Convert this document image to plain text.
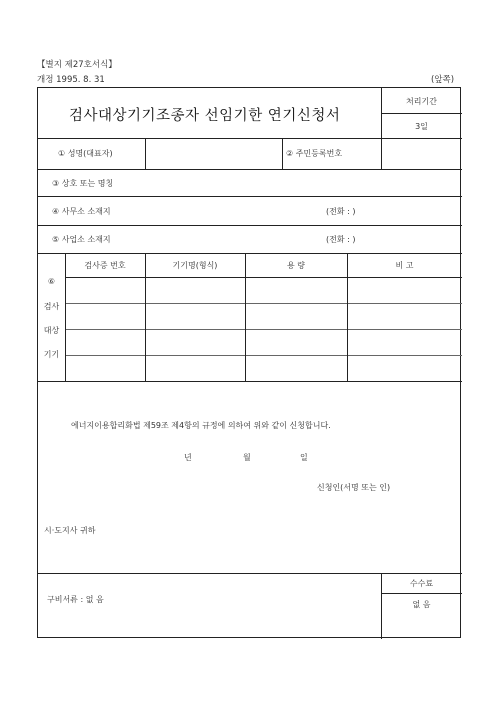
【별지 제27호서식】
개정 1995. 8. 31	(앞쪽)
검사대상기기조종자 선임기한 연기신청서
처리기간
3일
① 성명(대표자)	② 주민등록번호
③ 상호 또는 명칭
④ 사무소 소재지	(전화 : )
⑤ 사업소 소재지	(전화 : )
⑥
검사
대상
기기
검사증 번호	기기명(형식)	용 량	비 고
에너지이용합리화법 제59조 제4항의 규정에 의하여 위와 같이 신청합니다.
년	월	일
신청인(서명 또는 인)
시·도지사 귀하
구비서류 : 없 음
수수료
없 음
